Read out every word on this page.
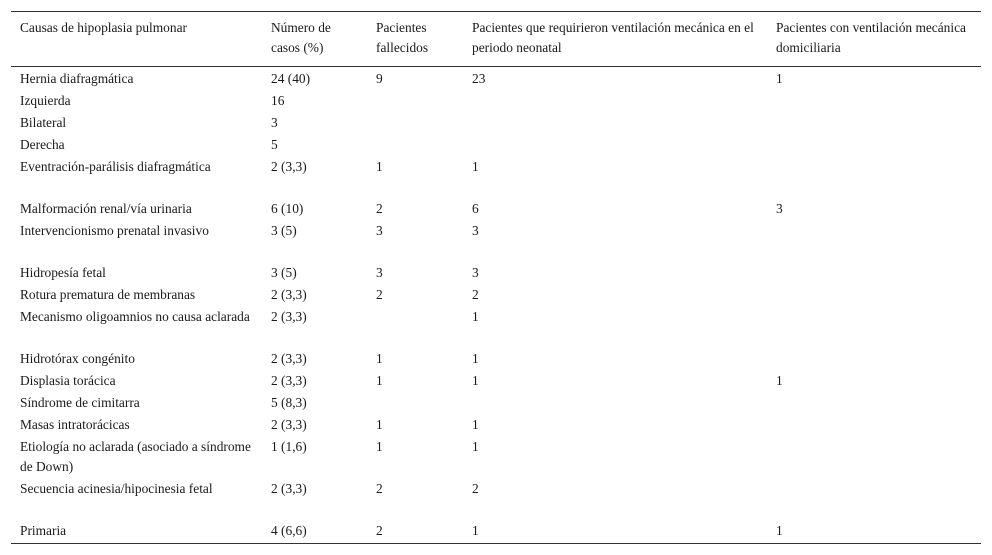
Causas de hipoplasia pulmonar	Número de casos (%)	Pacientes fallecidos	Pacientes que requirieron ventilación mecánica en el periodo neonatal	Pacientes con ventilación mecánica domiciliaria
Hernia diafragmática	24 (40)	9	23	1
Izquierda	16			
Bilateral	3			
Derecha	5			
Eventración-parálisis diafragmática	2 (3,3)	1	1	
Malformación renal/vía urinaria	6 (10)	2	6	3
Intervencionismo prenatal invasivo	3 (5)	3	3	
Hidropesía fetal	3 (5)	3	3	
Rotura prematura de membranas	2 (3,3)	2	2	
Mecanismo oligoamnios no causa aclarada	2 (3,3)		1	
Hidrotórax congénito	2 (3,3)	1	1	
Displasia torácica	2 (3,3)	1	1	1
Síndrome de cimitarra	5 (8,3)			
Masas intratorácicas	2 (3,3)	1	1	
Etiología no aclarada (asociado a síndrome de Down)	1 (1,6)	1	1	
Secuencia acinesia/hipocinesia fetal	2 (3,3)	2	2	
Primaria	4 (6,6)	2	1	1
